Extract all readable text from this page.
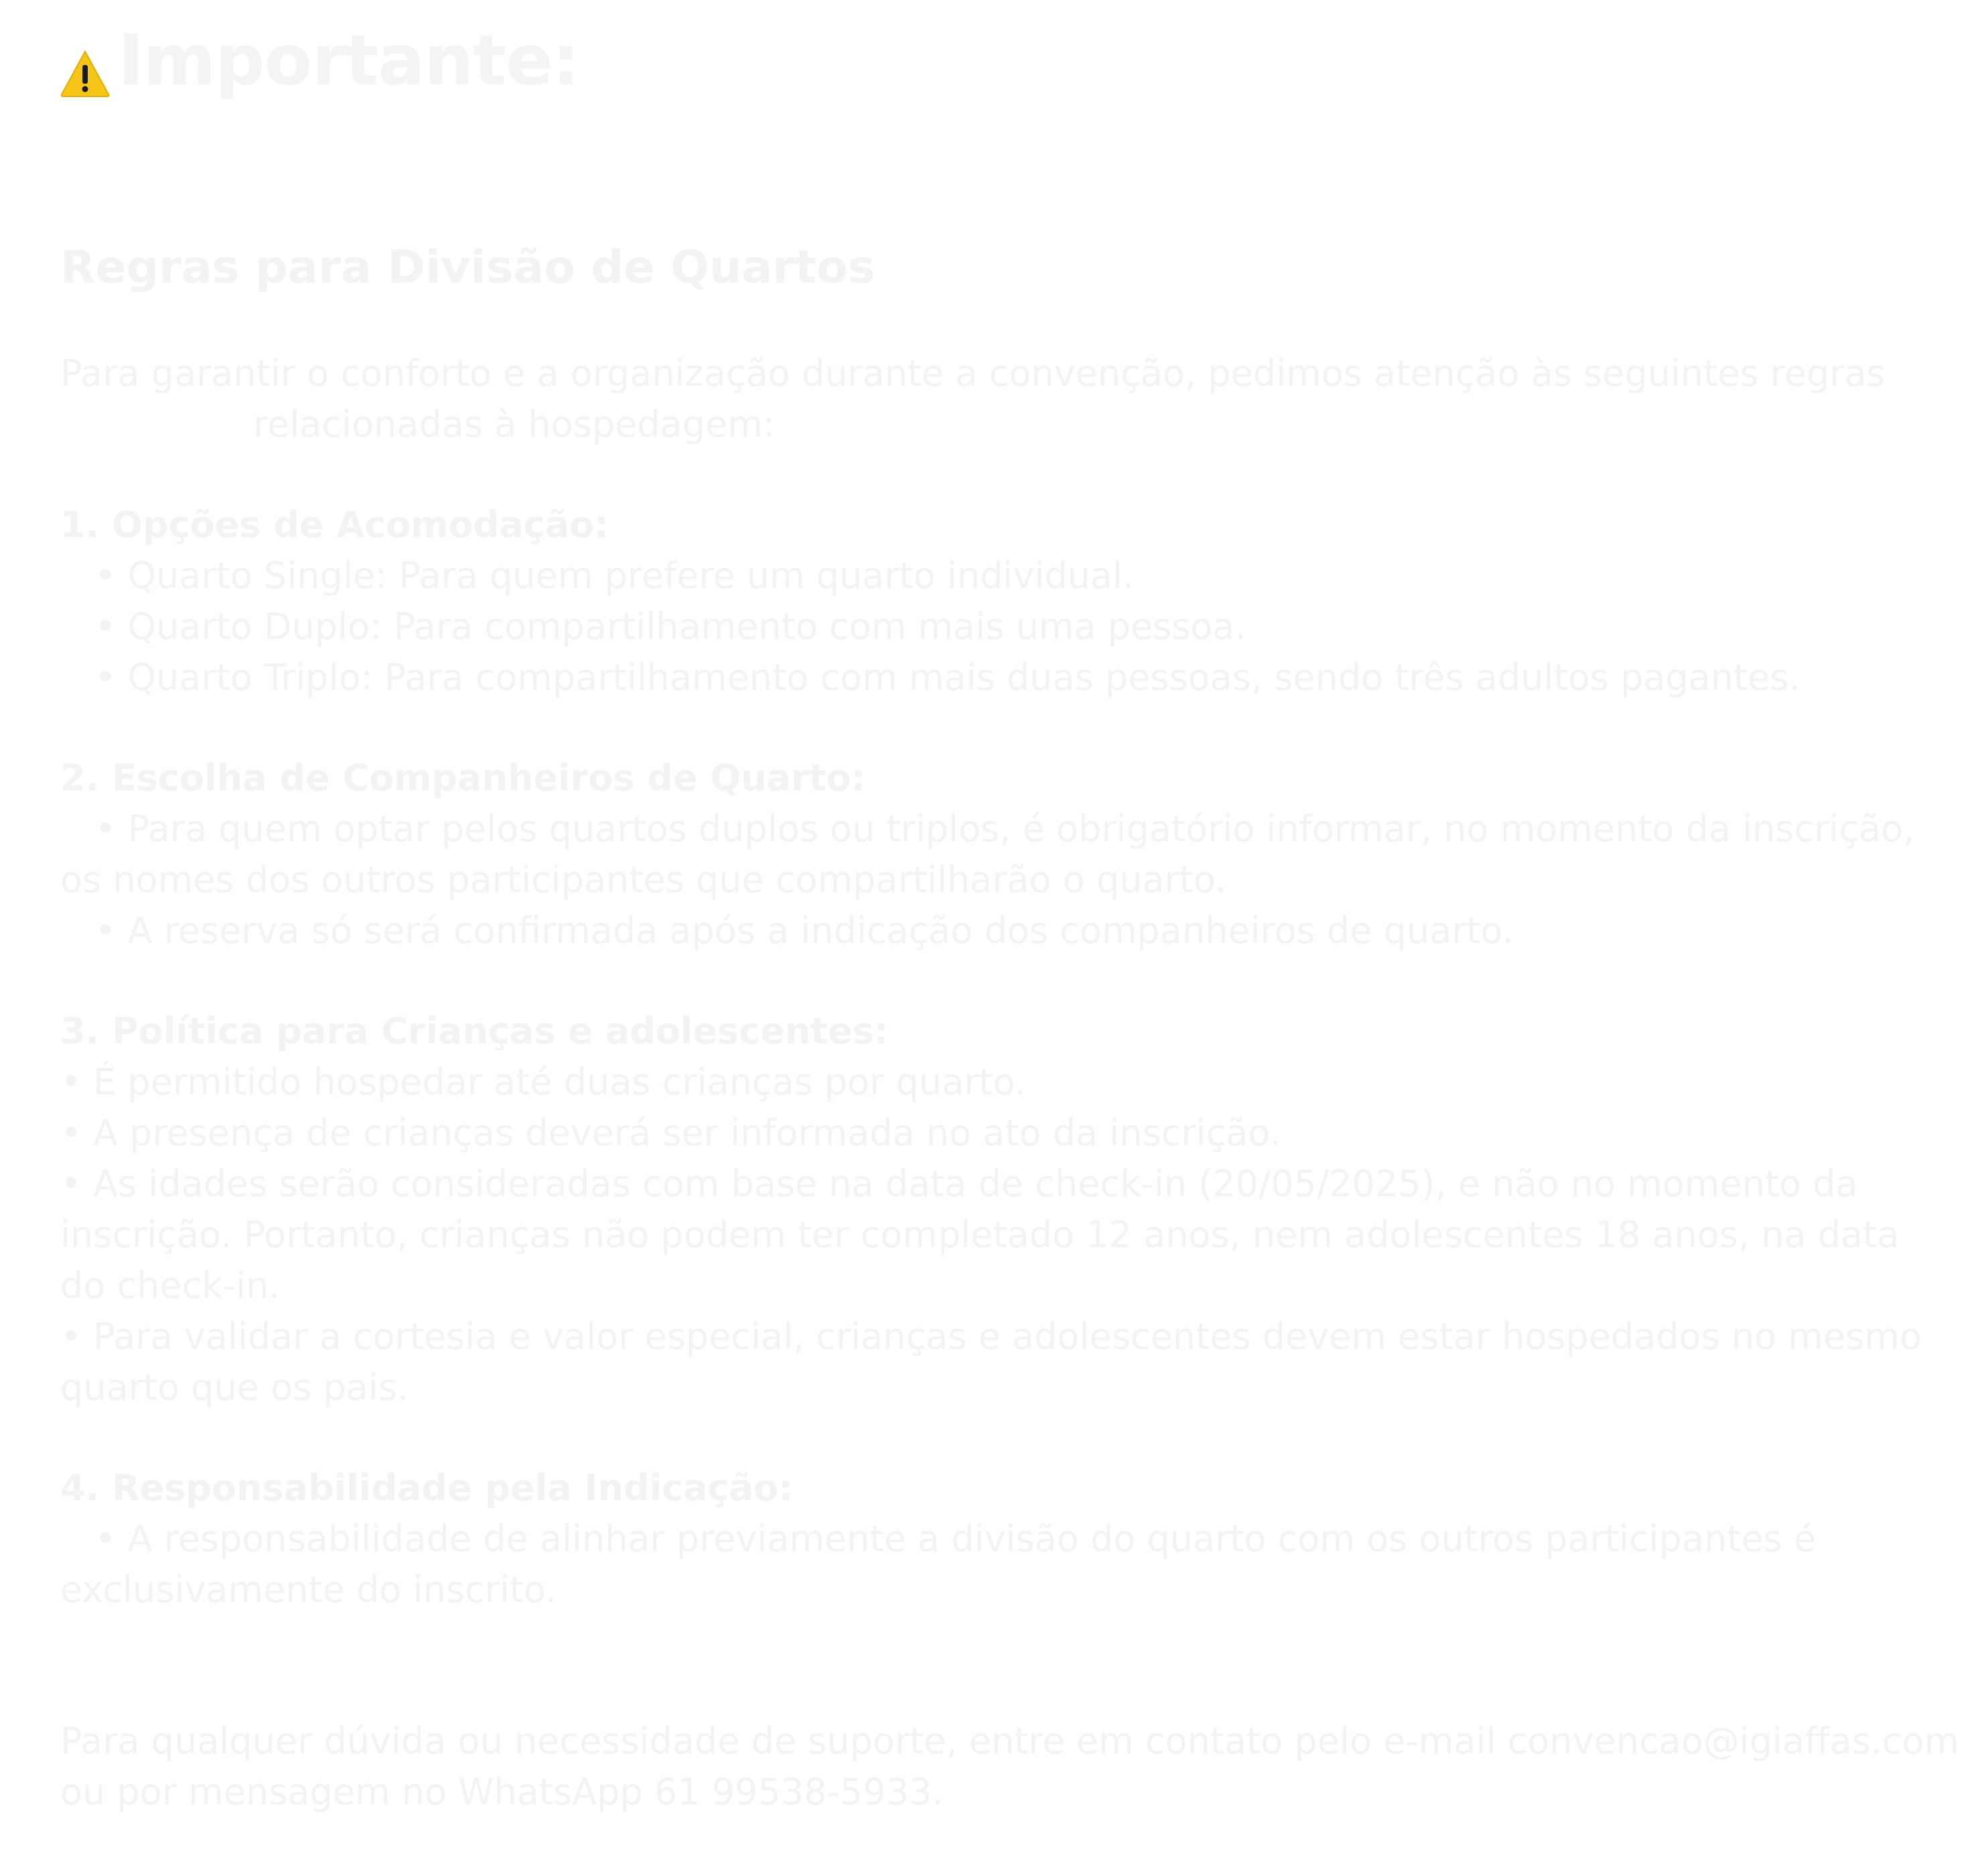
Importante:
Regras para Divisão de Quartos
Para garantir o conforto e a organização durante a convenção, pedimos atenção às seguintes regras
relacionadas à hospedagem:
1. Opções de Acomodação:
• Quarto Single: Para quem prefere um quarto individual.
• Quarto Duplo: Para compartilhamento com mais uma pessoa.
• Quarto Triplo: Para compartilhamento com mais duas pessoas, sendo três adultos pagantes.
2. Escolha de Companheiros de Quarto:
• Para quem optar pelos quartos duplos ou triplos, é obrigatório informar, no momento da inscrição,
os nomes dos outros participantes que compartilharão o quarto.
• A reserva só será confirmada após a indicação dos companheiros de quarto.
3. Política para Crianças e adolescentes:
• É permitido hospedar até duas crianças por quarto.
• A presença de crianças deverá ser informada no ato da inscrição.
• As idades serão consideradas com base na data de check-in (20/05/2025), e não no momento da
inscrição. Portanto, crianças não podem ter completado 12 anos, nem adolescentes 18 anos, na data
do check-in.
• Para validar a cortesia e valor especial, crianças e adolescentes devem estar hospedados no mesmo
quarto que os pais.
4. Responsabilidade pela Indicação:
• A responsabilidade de alinhar previamente a divisão do quarto com os outros participantes é
exclusivamente do inscrito.
Para qualquer dúvida ou necessidade de suporte, entre em contato pelo e-mail convencao@igiaffas.com
ou por mensagem no WhatsApp 61 99538-5933.
